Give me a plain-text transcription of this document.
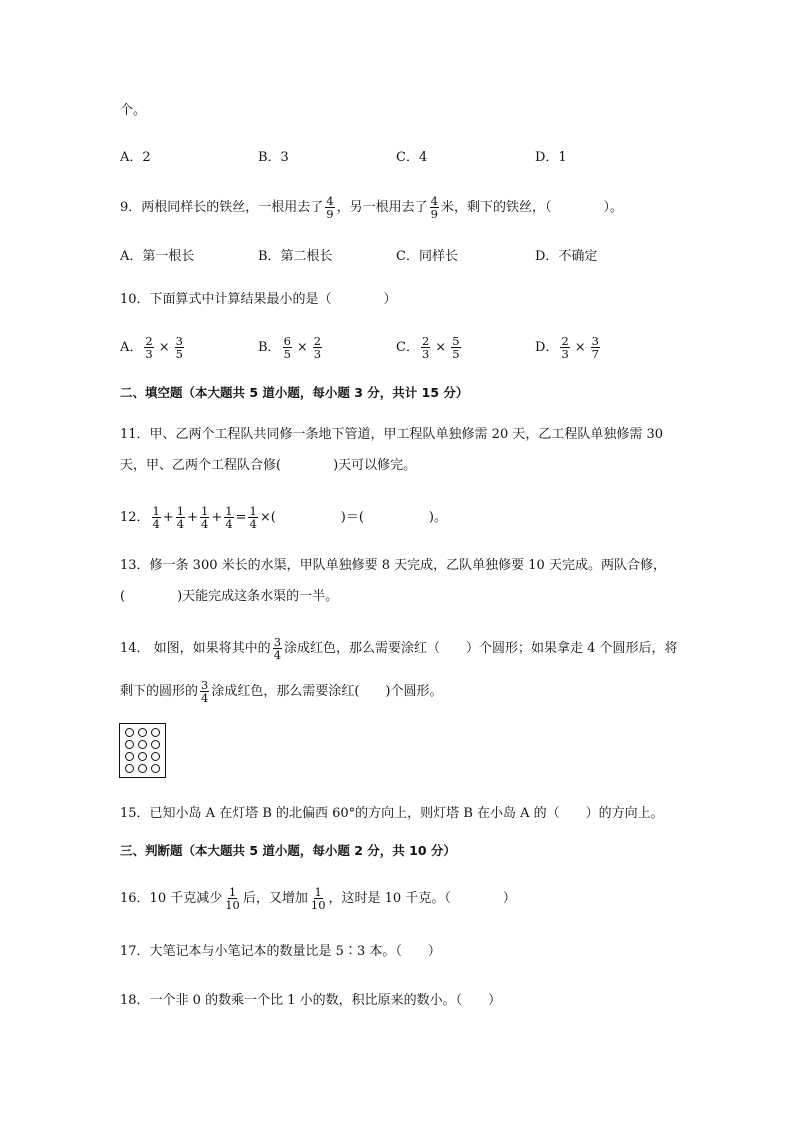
个。
A．2	B．3	C．4	D．1
9．两根同样长的铁丝，一根用去了 $\frac{4}{9}$ ，另一根用去了 $\frac{4}{9}$ 米，剩下的铁丝，（　　　　）。
A．第一根长	B．第二根长	C．同样长	D．不确定
10．下面算式中计算结果最小的是（　　　　）
A． $\frac{2}{3} \times \frac{3}{5}$	B． $\frac{6}{5} \times \frac{2}{3}$	C． $\frac{2}{3} \times \frac{5}{5}$	D． $\frac{2}{3} \times \frac{3}{7}$
二、填空题（本大题共 5 道小题，每小题 3 分，共计 15 分）
11．甲、乙两个工程队共同修一条地下管道，甲工程队单独修需 20 天，乙工程队单独修需 30
天，甲、乙两个工程队合修(　　　　)天可以修完。
12． $\frac{1}{4} + \frac{1}{4} + \frac{1}{4} + \frac{1}{4} = \frac{1}{4}$ ×(　　　　　)＝(　　　　　)。
13．修一条 300 米长的水渠，甲队单独修要 8 天完成，乙队单独修要 10 天完成。两队合修，
(　　　　)天能完成这条水渠的一半。
14． 如图，如果将其中的 $\frac{3}{4}$ 涂成红色，那么需要涂红（　　）个圆形；如果拿走 4 个圆形后，将
剩下的圆形的 $\frac{3}{4}$ 涂成红色，那么需要涂红(　　)个圆形。
15．已知小岛 A 在灯塔 B 的北偏西 60°的方向上，则灯塔 B 在小岛 A 的（　　）的方向上。
三、判断题（本大题共 5 道小题，每小题 2 分，共 10 分）
16．10 千克减少 $\frac{1}{10}$ 后，又增加 $\frac{1}{10}$ ，这时是 10 千克。（　　　　）
17．大笔记本与小笔记本的数量比是 5∶3 本。（　　）
18．一个非 0 的数乘一个比 1 小的数，积比原来的数小。（　　）
